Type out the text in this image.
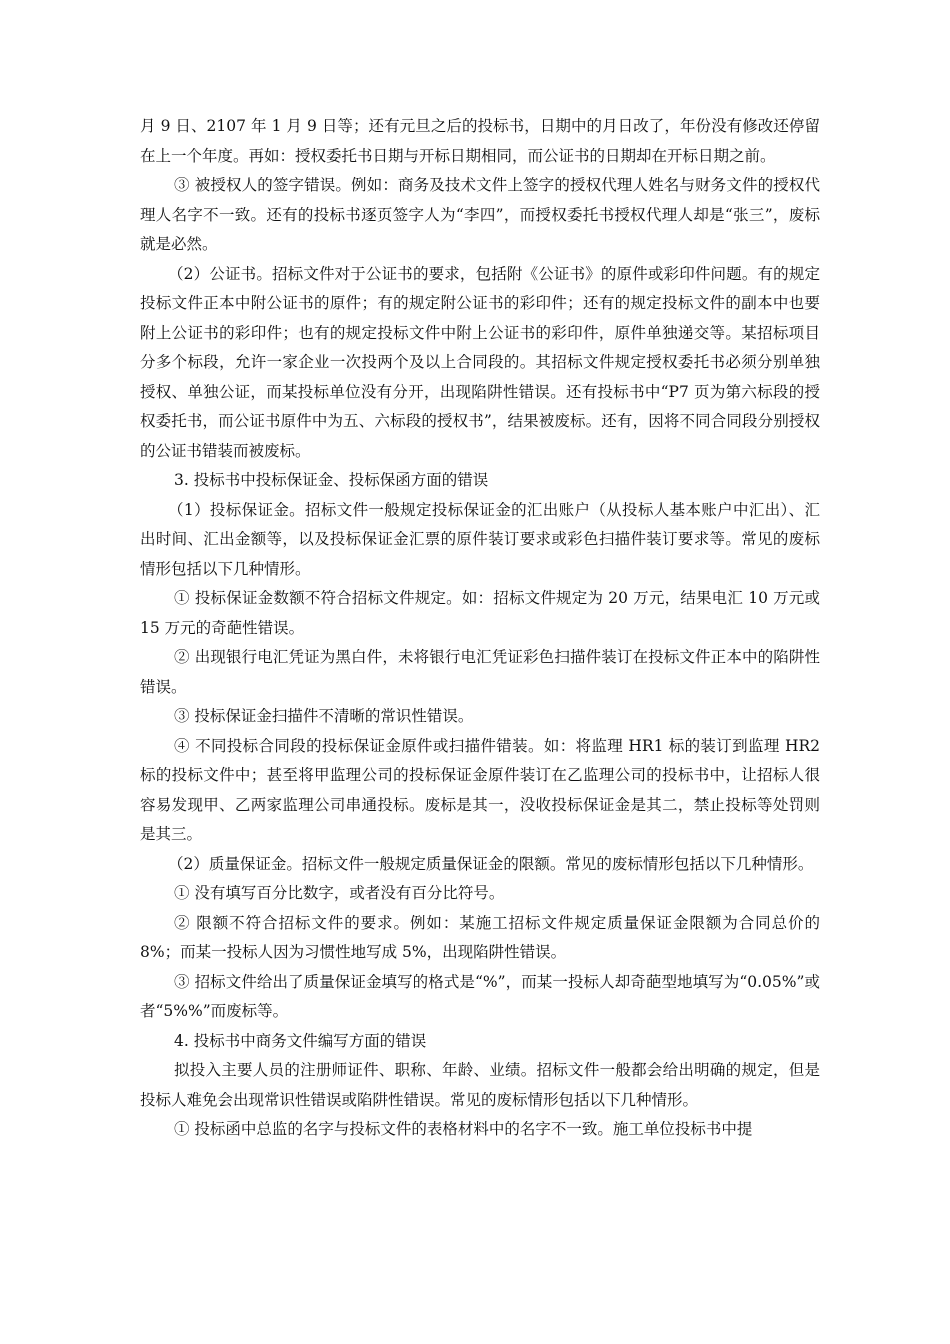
月 9 日、2107 年 1 月 9 日等；还有元旦之后的投标书，日期中的月日改了，年份没有修改还停留在上一个年度。再如：授权委托书日期与开标日期相同，而公证书的日期却在开标日期之前。

③ 被授权人的签字错误。例如：商务及技术文件上签字的授权代理人姓名与财务文件的授权代理人名字不一致。还有的投标书逐页签字人为“李四”，而授权委托书授权代理人却是“张三”，废标就是必然。

（2）公证书。招标文件对于公证书的要求，包括附《公证书》的原件或彩印件问题。有的规定投标文件正本中附公证书的原件；有的规定附公证书的彩印件；还有的规定投标文件的副本中也要附上公证书的彩印件；也有的规定投标文件中附上公证书的彩印件，原件单独递交等。某招标项目分多个标段，允许一家企业一次投两个及以上合同段的。其招标文件规定授权委托书必须分别单独授权、单独公证，而某投标单位没有分开，出现陷阱性错误。还有投标书中“P7 页为第六标段的授权委托书，而公证书原件中为五、六标段的授权书”，结果被废标。还有，因将不同合同段分别授权的公证书错装而被废标。

3. 投标书中投标保证金、投标保函方面的错误

（1）投标保证金。招标文件一般规定投标保证金的汇出账户（从投标人基本账户中汇出）、汇出时间、汇出金额等，以及投标保证金汇票的原件装订要求或彩色扫描件装订要求等。常见的废标情形包括以下几种情形。

① 投标保证金数额不符合招标文件规定。如：招标文件规定为 20 万元，结果电汇 10 万元或 15 万元的奇葩性错误。

② 出现银行电汇凭证为黑白件，未将银行电汇凭证彩色扫描件装订在投标文件正本中的陷阱性错误。

③ 投标保证金扫描件不清晰的常识性错误。

④ 不同投标合同段的投标保证金原件或扫描件错装。如：将监理 HR1 标的装订到监理 HR2 标的投标文件中；甚至将甲监理公司的投标保证金原件装订在乙监理公司的投标书中，让招标人很容易发现甲、乙两家监理公司串通投标。废标是其一，没收投标保证金是其二，禁止投标等处罚则是其三。

（2）质量保证金。招标文件一般规定质量保证金的限额。常见的废标情形包括以下几种情形。

① 没有填写百分比数字，或者没有百分比符号。

② 限额不符合招标文件的要求。例如：某施工招标文件规定质量保证金限额为合同总价的 8%；而某一投标人因为习惯性地写成 5%，出现陷阱性错误。

③ 招标文件给出了质量保证金填写的格式是“%”，而某一投标人却奇葩型地填写为“0.05%”或者“5%%”而废标等。

4. 投标书中商务文件编写方面的错误

拟投入主要人员的注册师证件、职称、年龄、业绩。招标文件一般都会给出明确的规定，但是投标人难免会出现常识性错误或陷阱性错误。常见的废标情形包括以下几种情形。

① 投标函中总监的名字与投标文件的表格材料中的名字不一致。施工单位投标书中提
